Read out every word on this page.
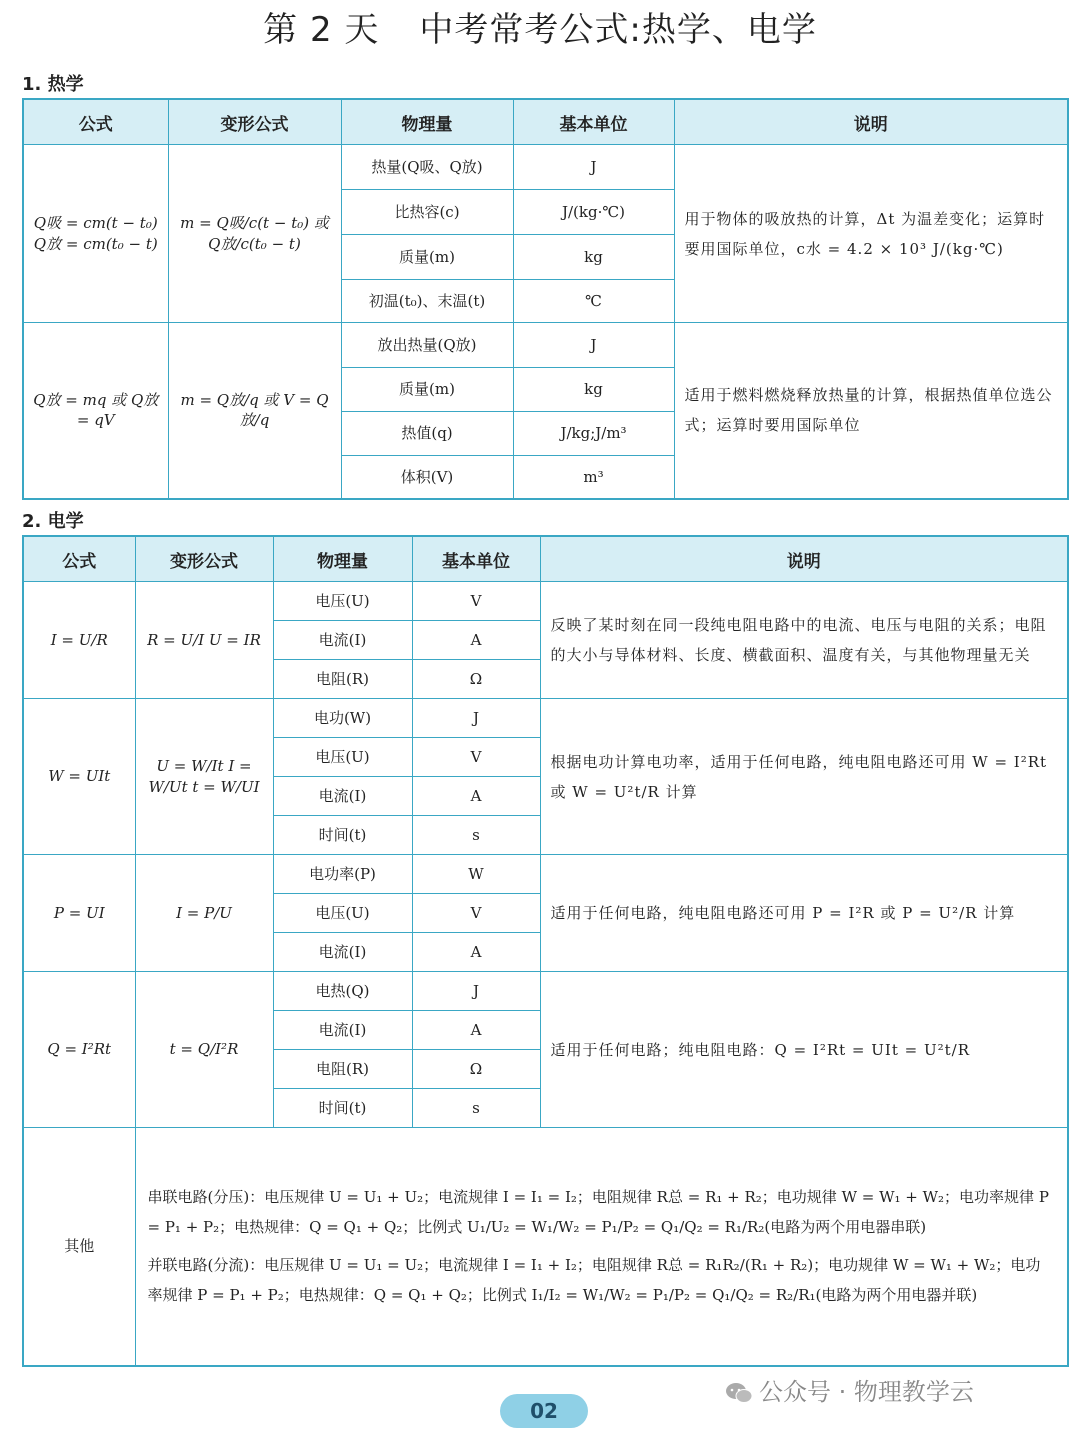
第 2 天 中考常考公式:热学、电学
1. 热学
公式	变形公式	物理量	基本单位	说明
Q吸 = cm(t − t₀) Q放 = cm(t₀ − t)	m = Q吸/c(t − t₀) 或 Q放/c(t₀ − t)	热量(Q吸、Q放)	J	用于物体的吸放热的计算，Δt 为温差变化；运算时要用国际单位，c水 = 4.2 × 10³ J/(kg·℃)
		比热容(c)	J/(kg·℃)	
		质量(m)	kg	
		初温(t₀)、末温(t)	℃	
Q放 = mq 或 Q放 = qV	m = Q放/q 或 V = Q放/q	放出热量(Q放)	J	适用于燃料燃烧释放热量的计算，根据热值单位选公式；运算时要用国际单位
		质量(m)	kg	
		热值(q)	J/kg;J/m³	
		体积(V)	m³	
2. 电学
公式	变形公式	物理量	基本单位	说明
I = U/R	R = U/I U = IR	电压(U)	V	反映了某时刻在同一段纯电阻电路中的电流、电压与电阻的关系；电阻的大小与导体材料、长度、横截面积、温度有关，与其他物理量无关
		电流(I)	A	
		电阻(R)	Ω	
W = UIt	U = W/It I = W/Ut t = W/UI	电功(W)	J	根据电功计算电功率，适用于任何电路，纯电阻电路还可用 W = I²Rt 或 W = U²t/R 计算
		电压(U)	V	
		电流(I)	A	
		时间(t)	s	
P = UI	I = P/U	电功率(P)	W	适用于任何电路，纯电阻电路还可用 P = I²R 或 P = U²/R 计算
		电压(U)	V	
		电流(I)	A	
Q = I²Rt	t = Q/I²R	电热(Q)	J	适用于任何电路；纯电阻电路：Q = I²Rt = UIt = U²t/R
		电流(I)	A	
		电阻(R)	Ω	
		时间(t)	s	
其他	串联电路(分压)：电压规律 U = U₁ + U₂；电流规律 I = I₁ = I₂；电阻规律 R总 = R₁ + R₂；电功规律 W = W₁ + W₂；电功率规律 P = P₁ + P₂；电热规律：Q = Q₁ + Q₂；比例式 U₁/U₂ = W₁/W₂ = P₁/P₂ = Q₁/Q₂ = R₁/R₂(电路为两个用电器串联)

并联电路(分流)：电压规律 U = U₁ = U₂；电流规律 I = I₁ + I₂；电阻规律 R总 = R₁R₂/(R₁ + R₂)；电功规律 W = W₁ + W₂；电功率规律 P = P₁ + P₂；电热规律：Q = Q₁ + Q₂；比例式 I₁/I₂ = W₁/W₂ = P₁/P₂ = Q₁/Q₂ = R₂/R₁(电路为两个用电器并联)			

公众号 · 物理教学云
02
